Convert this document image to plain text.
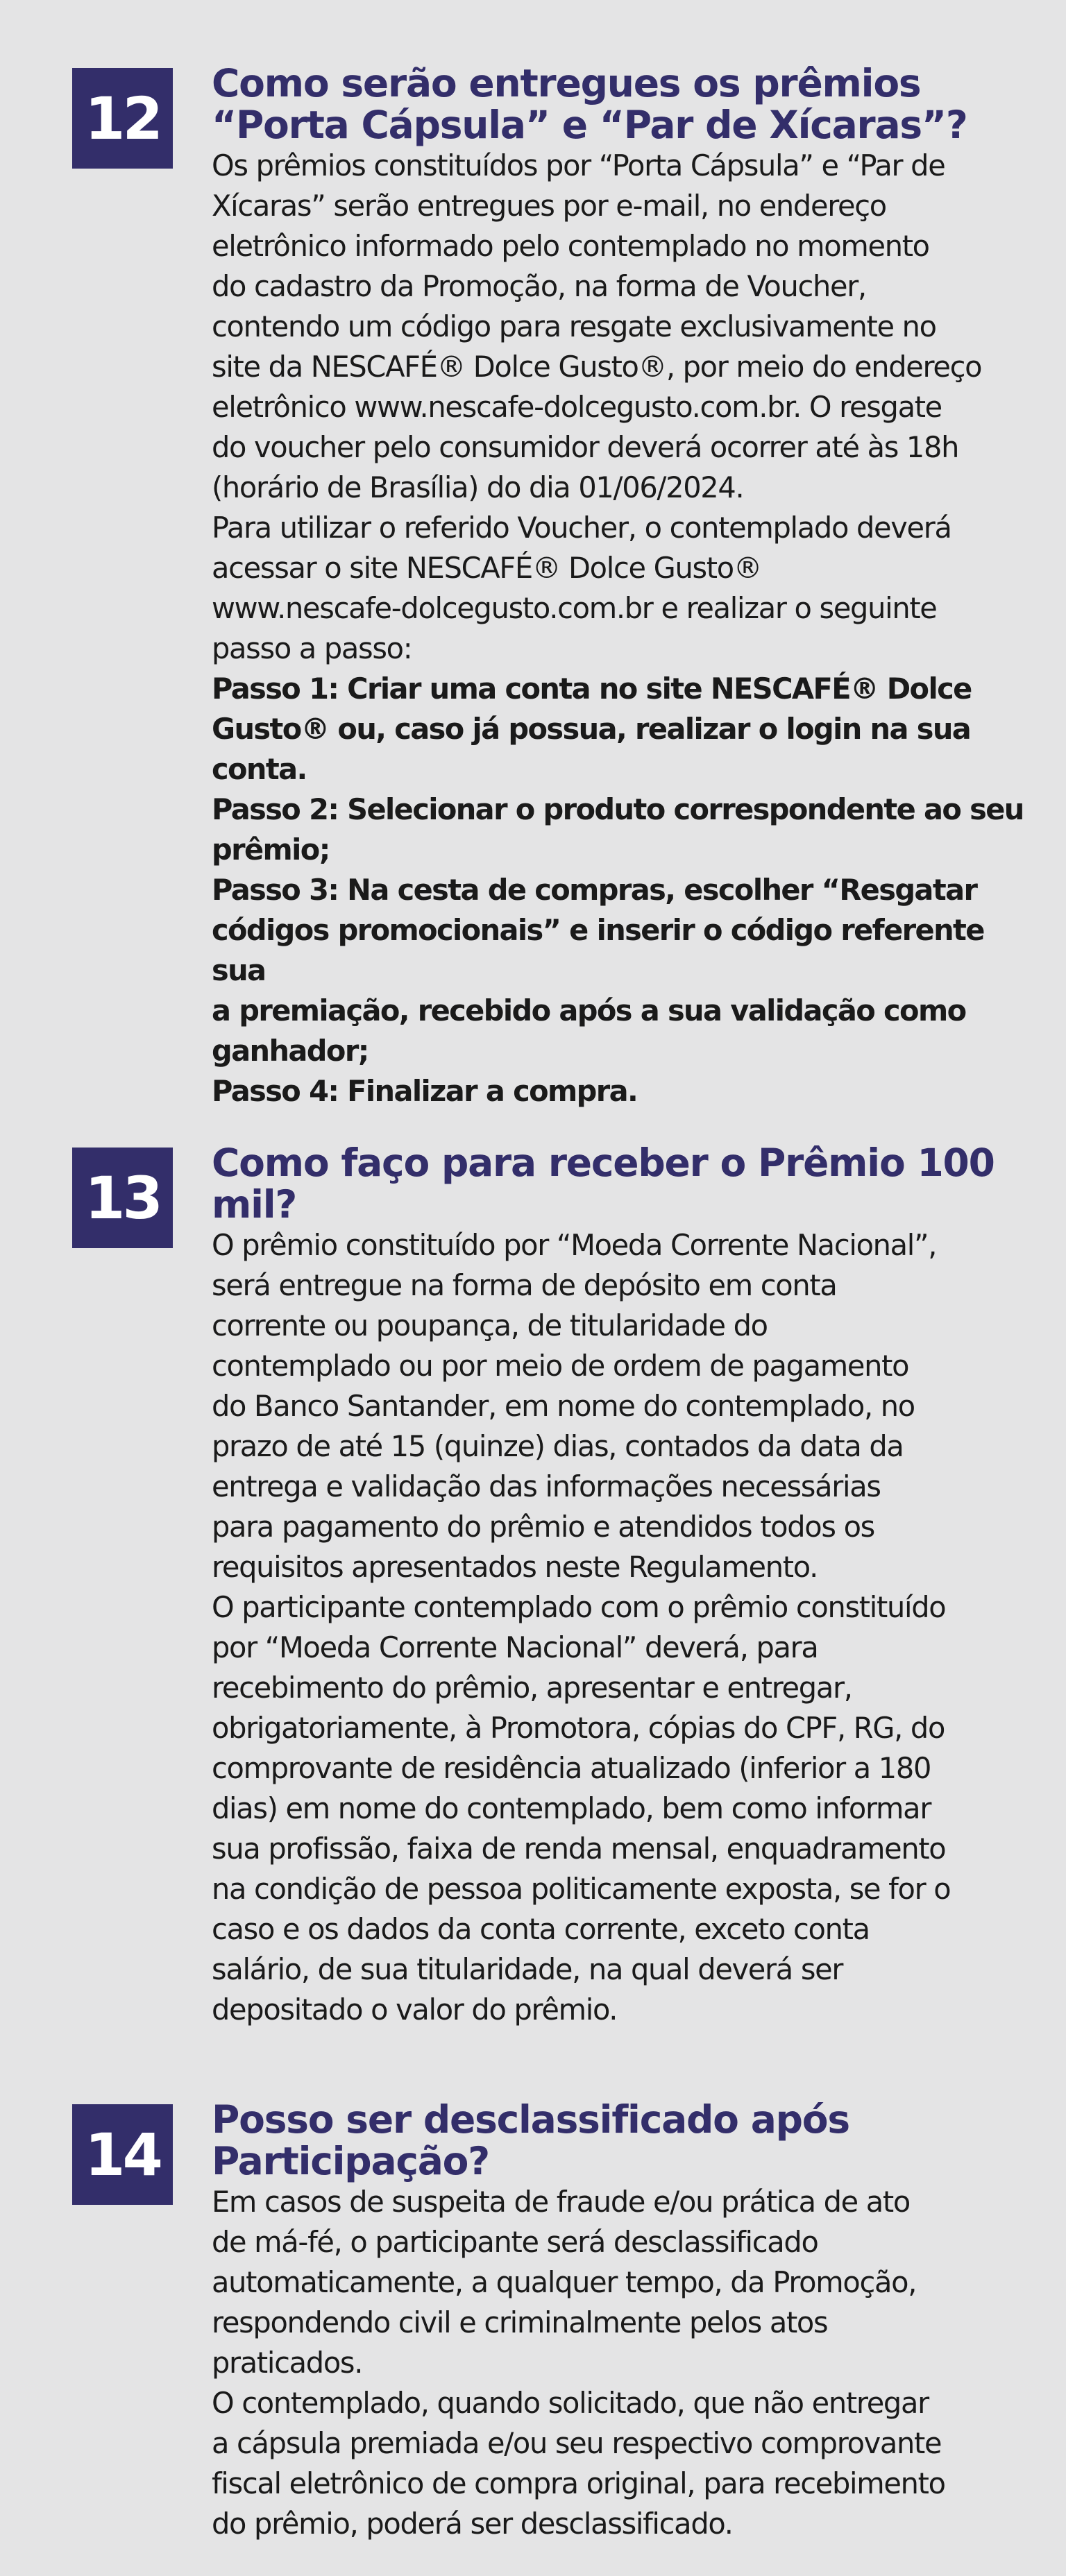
12
Como serão entregues os prêmios
“Porta Cápsula” e “Par de Xícaras”?

Os prêmios constituídos por “Porta Cápsula” e “Par de
Xícaras” serão entregues por e-mail, no endereço
eletrônico informado pelo contemplado no momento
do cadastro da Promoção, na forma de Voucher,
contendo um código para resgate exclusivamente no
site da NESCAFÉ® Dolce Gusto®, por meio do endereço
eletrônico www.nescafe-dolcegusto.com.br. O resgate
do voucher pelo consumidor deverá ocorrer até às 18h
(horário de Brasília) do dia 01/06/2024.

Para utilizar o referido Voucher, o contemplado deverá
acessar o site NESCAFÉ® Dolce Gusto®
www.nescafe-dolcegusto.com.br e realizar o seguinte
passo a passo:

Passo 1: Criar uma conta no site NESCAFÉ® Dolce
Gusto® ou, caso já possua, realizar o login na sua
conta.

Passo 2: Selecionar o produto correspondente ao seu
prêmio;

Passo 3: Na cesta de compras, escolher “Resgatar
códigos promocionais” e inserir o código referente sua
a premiação, recebido após a sua validação como
ganhador;

Passo 4: Finalizar a compra.

13
Como faço para receber o Prêmio 100
mil?

O prêmio constituído por “Moeda Corrente Nacional”,
será entregue na forma de depósito em conta
corrente ou poupança, de titularidade do
contemplado ou por meio de ordem de pagamento
do Banco Santander, em nome do contemplado, no
prazo de até 15 (quinze) dias, contados da data da
entrega e validação das informações necessárias
para pagamento do prêmio e atendidos todos os
requisitos apresentados neste Regulamento.

O participante contemplado com o prêmio constituído
por “Moeda Corrente Nacional” deverá, para
recebimento do prêmio, apresentar e entregar,
obrigatoriamente, à Promotora, cópias do CPF, RG, do
comprovante de residência atualizado (inferior a 180
dias) em nome do contemplado, bem como informar
sua profissão, faixa de renda mensal, enquadramento
na condição de pessoa politicamente exposta, se for o
caso e os dados da conta corrente, exceto conta
salário, de sua titularidade, na qual deverá ser
depositado o valor do prêmio.

14
Posso ser desclassificado após
Participação?

Em casos de suspeita de fraude e/ou prática de ato
de má-fé, o participante será desclassificado
automaticamente, a qualquer tempo, da Promoção,
respondendo civil e criminalmente pelos atos
praticados.

O contemplado, quando solicitado, que não entregar
a cápsula premiada e/ou seu respectivo comprovante
fiscal eletrônico de compra original, para recebimento
do prêmio, poderá ser desclassificado.
